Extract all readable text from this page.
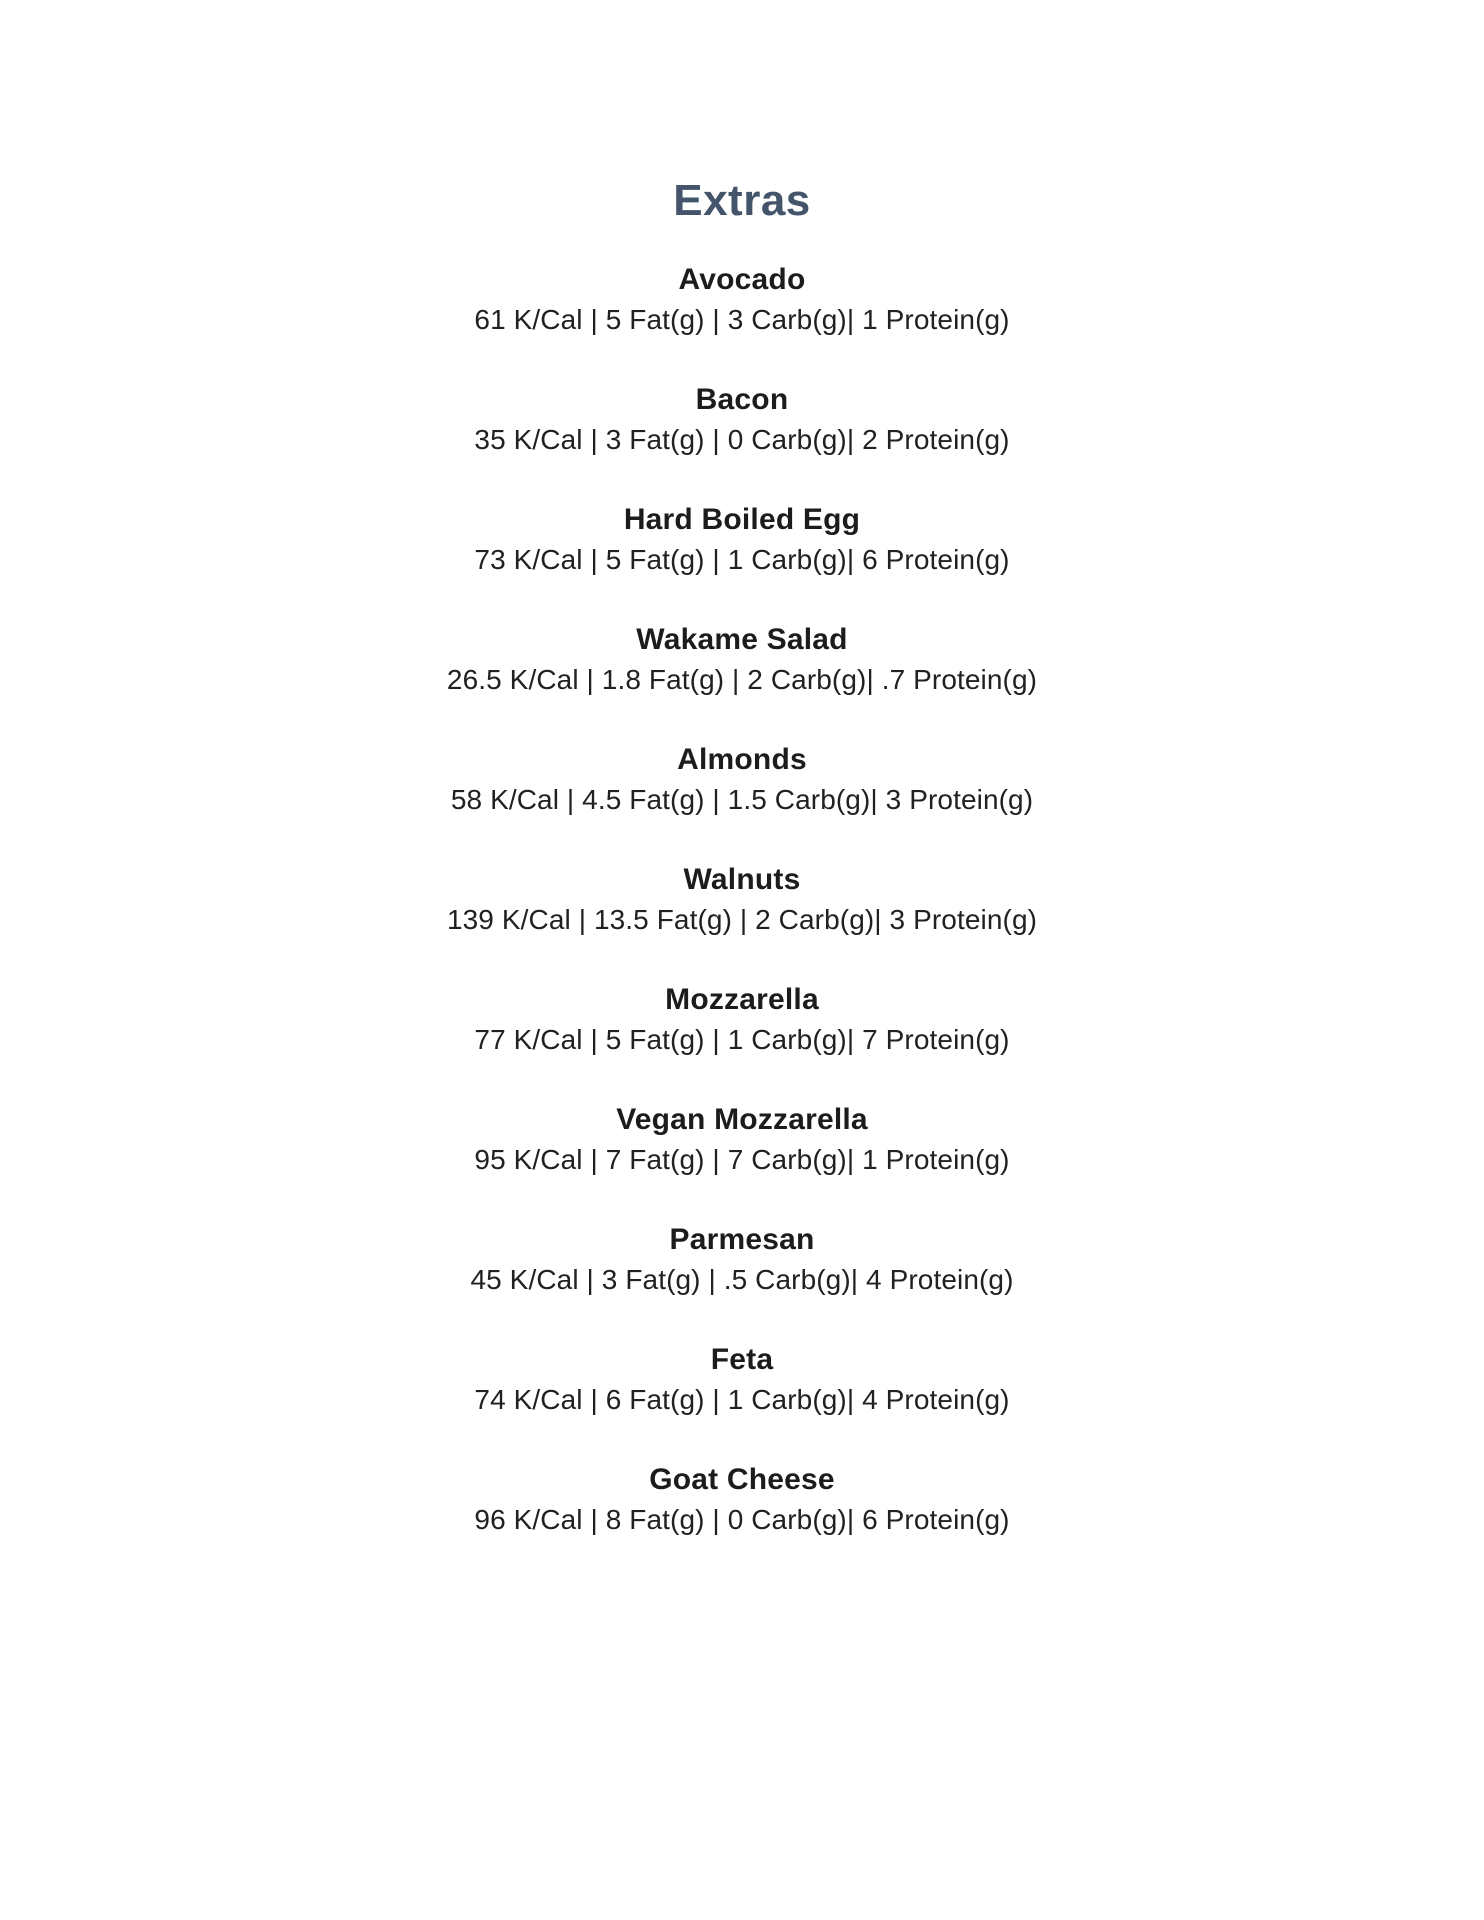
Extras
Avocado
61 K/Cal | 5 Fat(g) | 3 Carb(g)| 1 Protein(g)
Bacon
35 K/Cal | 3 Fat(g) | 0 Carb(g)| 2 Protein(g)
Hard Boiled Egg
73 K/Cal | 5 Fat(g) | 1 Carb(g)| 6 Protein(g)
Wakame Salad
26.5 K/Cal | 1.8 Fat(g) | 2 Carb(g)| .7 Protein(g)
Almonds
58 K/Cal | 4.5 Fat(g) | 1.5 Carb(g)| 3 Protein(g)
Walnuts
139 K/Cal | 13.5 Fat(g) | 2 Carb(g)| 3 Protein(g)
Mozzarella
77 K/Cal | 5 Fat(g) | 1 Carb(g)| 7 Protein(g)
Vegan Mozzarella
95 K/Cal | 7 Fat(g) | 7 Carb(g)| 1 Protein(g)
Parmesan
45 K/Cal | 3 Fat(g) | .5 Carb(g)| 4 Protein(g)
Feta
74 K/Cal | 6 Fat(g) | 1 Carb(g)| 4 Protein(g)
Goat Cheese
96 K/Cal | 8 Fat(g) | 0 Carb(g)| 6 Protein(g)
